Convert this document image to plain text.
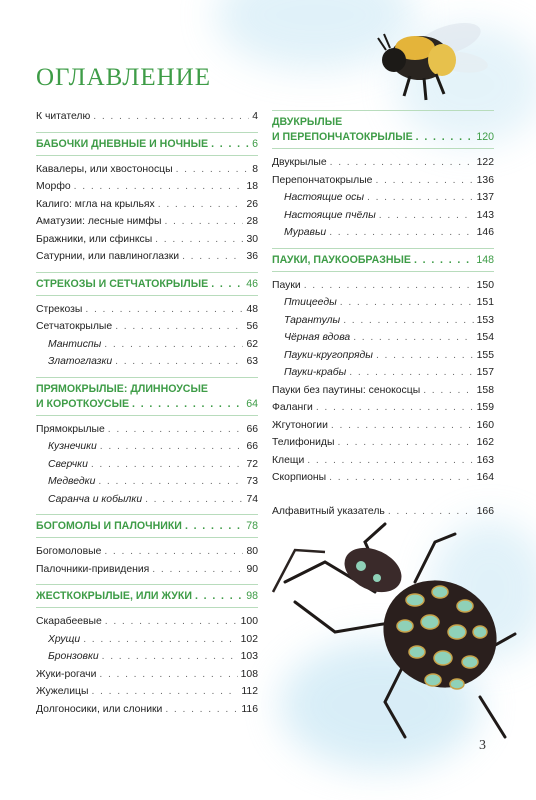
ОГЛАВЛЕНИЕ
К читателю . . .	4
БАБОЧКИ ДНЕВНЫЕ И НОЧНЫЕ . . .	6
Кавалеры, или хвостоносцы . . .	8
Морфо . . .	18
Калиго: мгла на крыльях . . .	26
Аматузии: лесные нимфы . . .	28
Бражники, или сфинксы . . .	30
Сатурнии, или павлиноглазки . . .	36
СТРЕКОЗЫ И СЕТЧАТОКРЫЛЫЕ . . .	46
Стрекозы . . .	48
Сетчатокрылые . . .	56
Мантиспы . . .	62
Златоглазки . . .	63
ПРЯМОКРЫЛЫЕ: ДЛИННОУСЫЕ
И КОРОТКОУСЫЕ . . .	64
Прямокрылые . . .	66
Кузнечики . . .	66
Сверчки . . .	72
Медведки . . .	73
Саранча и кобылки . . .	74
БОГОМОЛЫ И ПАЛОЧНИКИ . . .	78
Богомоловые . . .	80
Палочники-привидения . . .	90
ЖЕСТКОКРЫЛЫЕ, ИЛИ ЖУКИ . . .	98
Скарабеевые . . .	100
Хрущи . . .	102
Бронзовки . . .	103
Жуки-рогачи . . .	108
Жужелицы . . .	112
Долгоносики, или слоники . . .	116
ДВУКРЫЛЫЕ
И ПЕРЕПОНЧАТОКРЫЛЫЕ . . .	120
Двукрылые . . .	122
Перепончатокрылые . . .	136
Настоящие осы . . .	137
Настоящие пчёлы . . .	143
Муравьи . . .	146
ПАУКИ, ПАУКООБРАЗНЫЕ . . .	148
Пауки . . .	150
Птицееды . . .	151
Тарантулы . . .	153
Чёрная вдова . . .	154
Пауки-кругопряды . . .	155
Пауки-крабы . . .	157
Пауки без паутины: сенокосцы . . .	158
Фаланги . . .	159
Жгутоногии . . .	160
Телифониды . . .	162
Клещи . . .	163
Скорпионы . . .	164
Алфавитный указатель . . .	166
3
